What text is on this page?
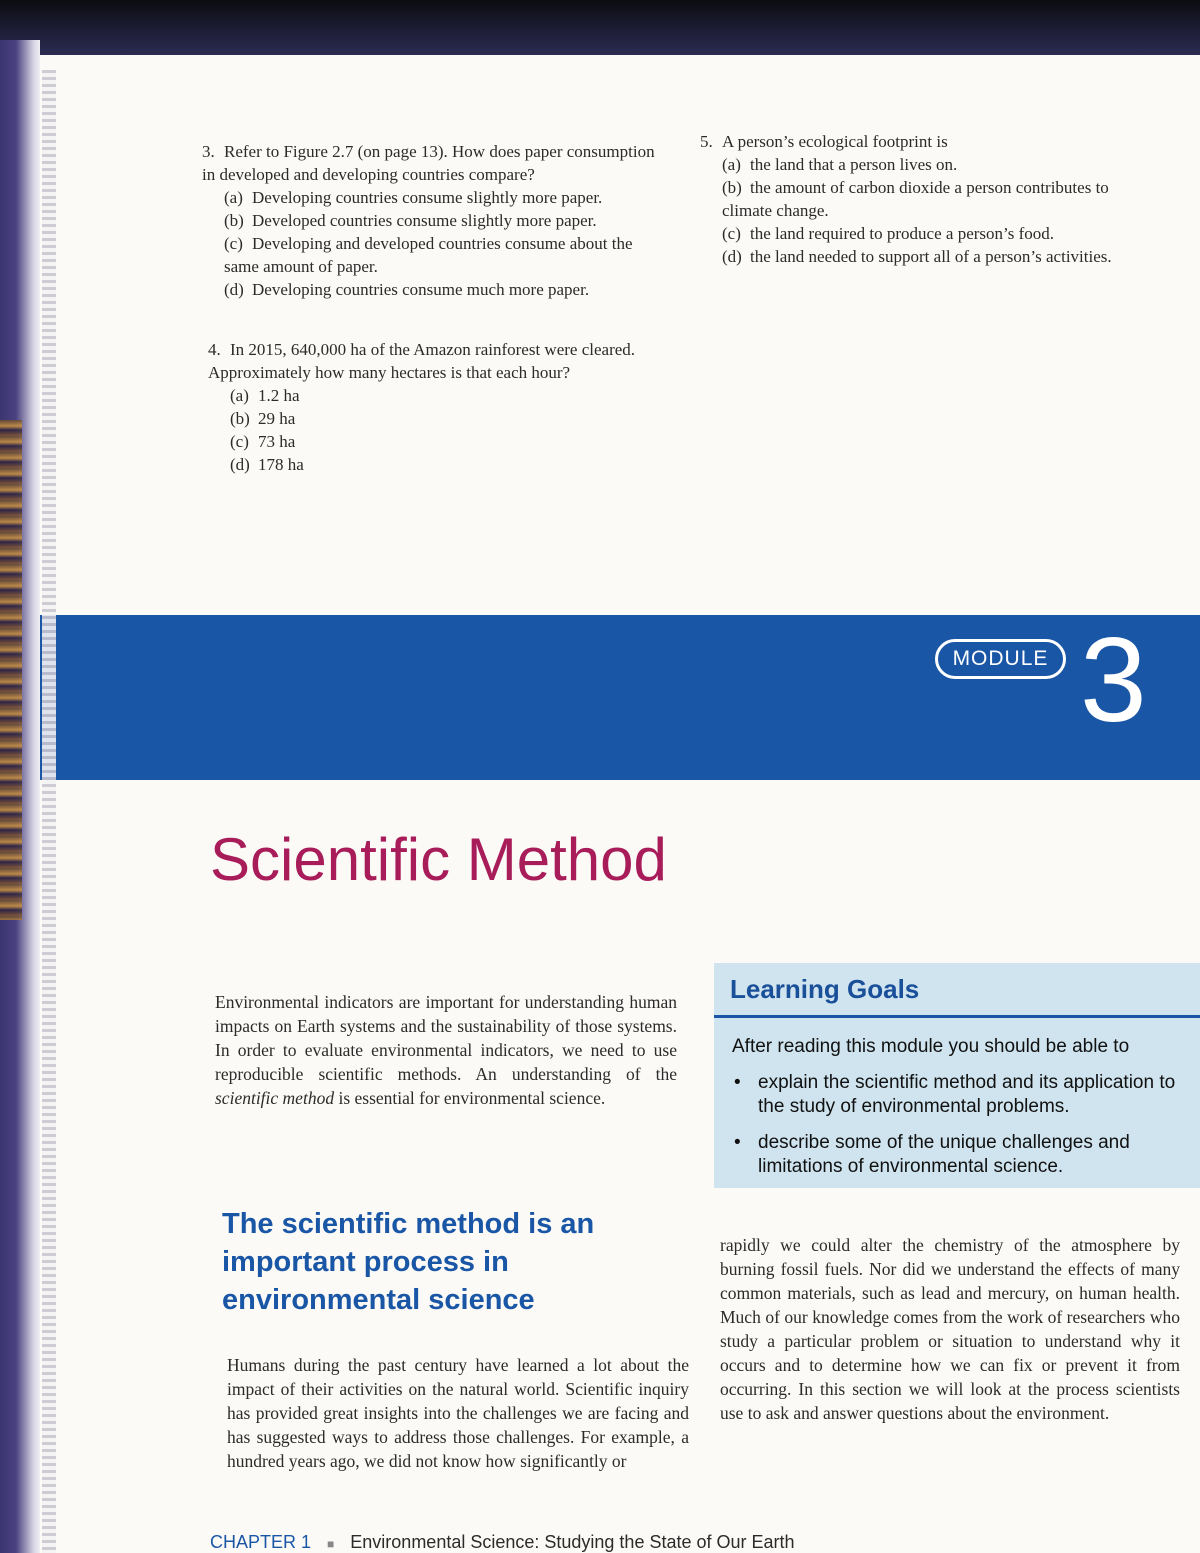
3. Refer to Figure 2.7 (on page 13). How does paper consumption in developed and developing countries compare?

(a) Developing countries consume slightly more paper.

(b) Developed countries consume slightly more paper.

(c) Developing and developed countries consume about the same amount of paper.

(d) Developing countries consume much more paper.

4. In 2015, 640,000 ha of the Amazon rainforest were cleared. Approximately how many hectares is that each hour?

(a) 1.2 ha

(b) 29 ha

(c) 73 ha

(d) 178 ha

5. A person’s ecological footprint is

(a) the land that a person lives on.

(b) the amount of carbon dioxide a person contributes to climate change.

(c) the land required to produce a person’s food.

(d) the land needed to support all of a person’s activities.

MODULE 3
Scientific Method

Environmental indicators are important for understanding human impacts on Earth systems and the sustainability of those systems. In order to evaluate environmental indicators, we need to use reproducible scientific methods. An understanding of the scientific method is essential for environmental science.

Learning Goals

After reading this module you should be able to

• explain the scientific method and its application to the study of environmental problems.
• describe some of the unique challenges and limitations of environmental science.
The scientific method is an important process in environmental science

Humans during the past century have learned a lot about the impact of their activities on the natural world. Scientific inquiry has provided great insights into the challenges we are facing and has suggested ways to address those challenges. For example, a hundred years ago, we did not know how significantly or

rapidly we could alter the chemistry of the atmosphere by burning fossil fuels. Nor did we understand the effects of many common materials, such as lead and mercury, on human health. Much of our knowledge comes from the work of researchers who study a particular problem or situation to understand why it occurs and to determine how we can fix or prevent it from occurring. In this section we will look at the process scientists use to ask and answer questions about the environment.

CHAPTER 1 ■ Environmental Science: Studying the State of Our Earth
